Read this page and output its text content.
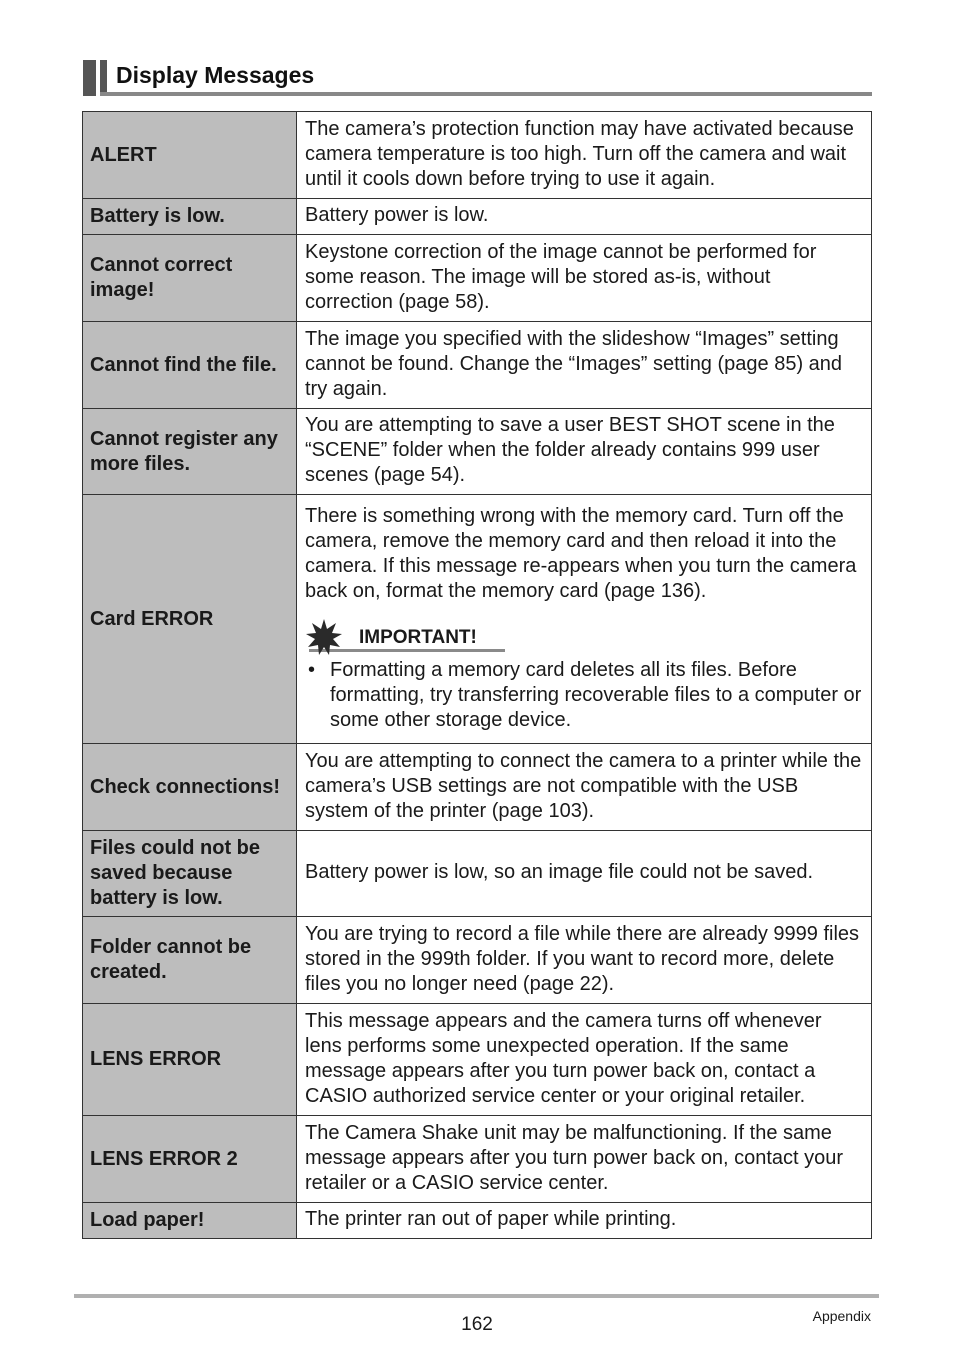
Display Messages
ALERT	The camera’s protection function may have activated because camera temperature is too high. Turn off the camera and wait until it cools down before trying to use it again.
Battery is low.	Battery power is low.
Cannot correct image!	Keystone correction of the image cannot be performed for some reason. The image will be stored as-is, without correction (page 58).
Cannot find the file.	The image you specified with the slideshow “Images” setting cannot be found. Change the “Images” setting (page 85) and try again.
Cannot register any more files.	You are attempting to save a user BEST SHOT scene in the “SCENE” folder when the folder already contains 999 user scenes (page 54).
Card ERROR	There is something wrong with the memory card. Turn off the camera, remove the memory card and then reload it into the camera. If this message re-appears when you turn the camera back on, format the memory card (page 136).
IMPORTANT!
• Formatting a memory card deletes all its files. Before formatting, try transferring recoverable files to a computer or some other storage device.

Check connections!	You are attempting to connect the camera to a printer while the camera’s USB settings are not compatible with the USB system of the printer (page 103).
Files could not be saved because battery is low.	Battery power is low, so an image file could not be saved.
Folder cannot be created.	You are trying to record a file while there are already 9999 files stored in the 999th folder. If you want to record more, delete files you no longer need (page 22).
LENS ERROR	This message appears and the camera turns off whenever lens performs some unexpected operation. If the same message appears after you turn power back on, contact a CASIO authorized service center or your original retailer.
LENS ERROR 2	The Camera Shake unit may be malfunctioning. If the same message appears after you turn power back on, contact your retailer or a CASIO service center.
Load paper!	The printer ran out of paper while printing.
162	Appendix
